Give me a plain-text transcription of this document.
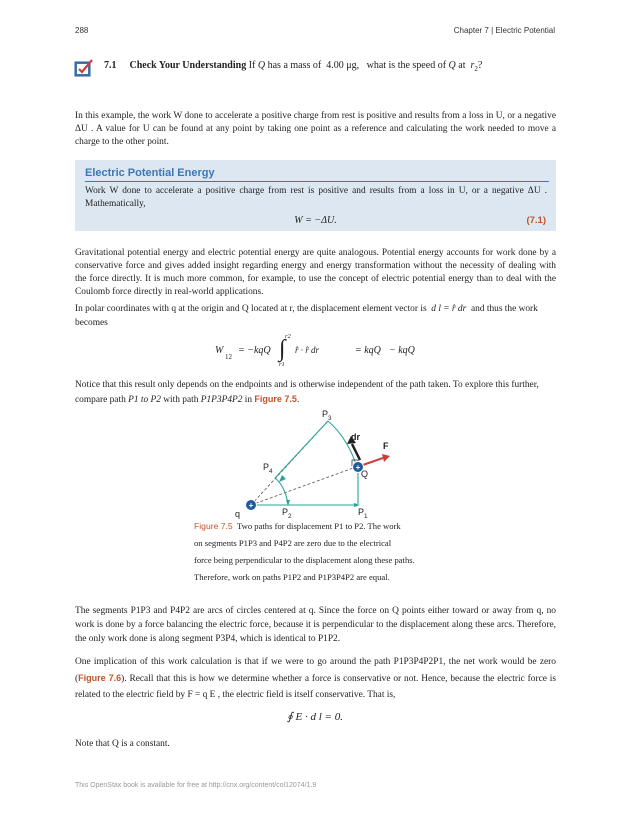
288	Chapter 7 | Electric Potential
7.1 Check Your Understanding If Q has a mass of 4.00 μg, what is the speed of Q at $r_2$?

In this example, the work W done to accelerate a positive charge from rest is positive and results from a loss in U, or a negative ΔU . A value for U can be found at any point by taking one point as a reference and calculating the work needed to move a charge to the other point.

Electric Potential Energy

Work W done to accelerate a positive charge from rest is positive and results from a loss in U, or a negative ΔU . Mathematically,

W = −ΔU.	(7.1)

Gravitational potential energy and electric potential energy are quite analogous. Potential energy accounts for work done by a conservative force and gives added insight regarding energy and energy transformation without the necessity of dealing with the force directly. It is much more common, for example, to use the concept of electric potential energy than to deal with the Coulomb force directly in real-world applications.

In polar coordinates with q at the origin and Q located at r, the displacement element vector is d l = r̂ dr and thus the work becomes
W
12
= −kqQ ∫ r2
r1
r̂ · r̂ dr	= kqQ − kqQ
Notice that this result only depends on the endpoints and is otherwise independent of the path taken. To explore this further, compare path P1 to P2 with path P1P3P4P2 in Figure 7.5.
+
+
$P_3$
$P_4$
$P_2$	$P_1$
q
Q
dr
F
Figure 7.5 Two paths for displacement P1 to P2. The work
on segments P1P3 and P4P2 are zero due to the electrical
force being perpendicular to the displacement along these paths.
Therefore, work on paths P1P2 and P1P3P4P2 are equal.

The segments P1P3 and P4P2 are arcs of circles centered at q. Since the force on Q points either toward or away from q, no work is done by a force balancing the electric force, because it is perpendicular to the displacement along these arcs. Therefore, the only work done is along segment P3P4, which is identical to P1P2.

One implication of this work calculation is that if we were to go around the path P1P3P4P2P1, the net work would be zero (Figure 7.6). Recall that this is how we determine whether a force is conservative or not. Hence, because the electric force is related to the electric field by F = q E , the electric field is itself conservative. That is,
∮ E · d l = 0.

Note that Q is a constant.

This OpenStax book is available for free at http://cnx.org/content/col12074/1.9
